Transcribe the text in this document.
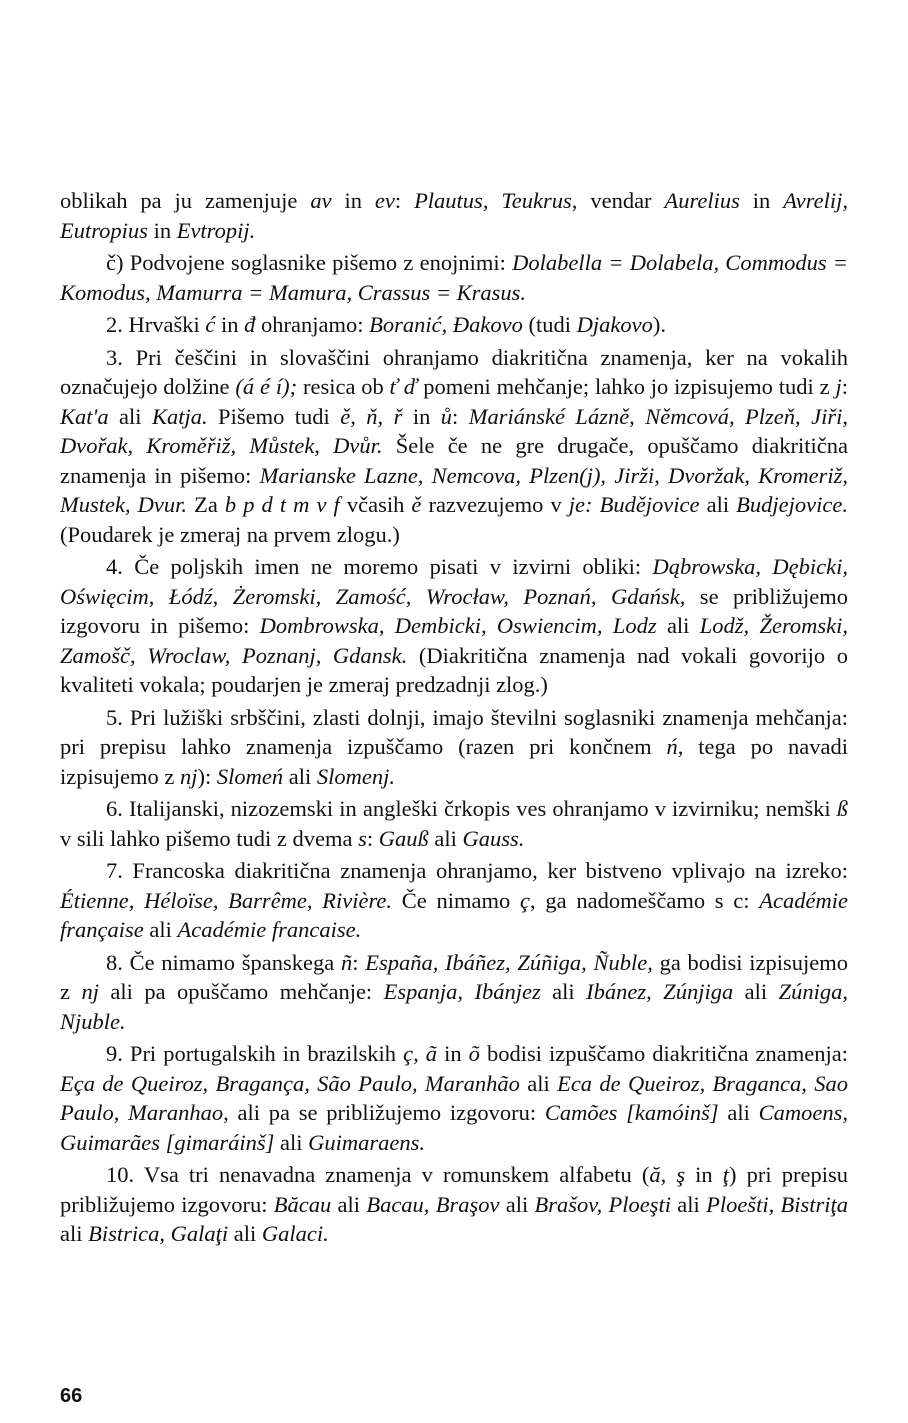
oblikah pa ju zamenjuje av in ev: Plautus, Teukrus, vendar Aurelius in Avrelij, Eutropius in Evtropij.

č) Podvojene soglasnike pišemo z enojnimi: Dolabella = Dolabela, Commodus = Komodus, Mamurra = Mamura, Crassus = Krasus.

2. Hrvaški ć in đ ohranjamo: Boranić, Đakovo (tudi Djakovo).

3. Pri češčini in slovaščini ohranjamo diakritična znamenja, ker na vokalih označujejo dolžine (á é í); resica ob ť ď pomeni mehčanje; lahko jo izpisujemo tudi z j: Kat'a ali Katja. Pišemo tudi ě, ň, ř in ů: Mariánské Lázně, Němcová, Plzeň, Jiři, Dvořak, Kroměřiž, Můstek, Dvůr. Šele če ne gre drugače, opuščamo diakritična znamenja in pišemo: Marianske Lazne, Nemcova, Plzen(j), Jirži, Dvoržak, Kromeriž, Mustek, Dvur. Za b p d t m v f včasih ě razvezujemo v je: Budějovice ali Budjejovice. (Poudarek je zmeraj na prvem zlogu.)

4. Če poljskih imen ne moremo pisati v izvirni obliki: Dąbrowska, Dębicki, Oświęcim, Łódź, Żeromski, Zamość, Wrocław, Poznań, Gdańsk, se približujemo izgovoru in pišemo: Dombrowska, Dembicki, Oswiencim, Lodz ali Lodž, Žeromski, Zamošč, Wroclaw, Poznanj, Gdansk. (Diakritična znamenja nad vokali govorijo o kvaliteti vokala; poudarjen je zmeraj predzadnji zlog.)

5. Pri lužiški srbščini, zlasti dolnji, imajo številni soglasniki znamenja mehčanja: pri prepisu lahko znamenja izpuščamo (razen pri končnem ń, tega po navadi izpisujemo z nj): Slomeń ali Slomenj.

6. Italijanski, nizozemski in angleški črkopis ves ohranjamo v izvirniku; nemški ß v sili lahko pišemo tudi z dvema s: Gauß ali Gauss.

7. Francoska diakritična znamenja ohranjamo, ker bistveno vplivajo na izreko: Étienne, Héloïse, Barrême, Rivière. Če nimamo ç, ga nadomeščamo s c: Académie française ali Académie francaise.

8. Če nimamo španskega ñ: España, Ibáñez, Zúñiga, Ñuble, ga bodisi izpisujemo z nj ali pa opuščamo mehčanje: Espanja, Ibánjez ali Ibánez, Zúnjiga ali Zúniga, Njuble.

9. Pri portugalskih in brazilskih ç, ã in õ bodisi izpuščamo diakritična znamenja: Eça de Queiroz, Bragança, São Paulo, Maranhão ali Eca de Queiroz, Braganca, Sao Paulo, Maranhao, ali pa se približujemo izgovoru: Camões [kamóinš] ali Camoens, Guimarães [gimaráinš] ali Guimaraens.

10. Vsa tri nenavadna znamenja v romunskem alfabetu (ă, ş in ţ) pri prepisu približujemo izgovoru: Băcau ali Bacau, Braşov ali Brašov, Ploeşti ali Ploešti, Bistriţa ali Bistrica, Galaţi ali Galaci.

66
